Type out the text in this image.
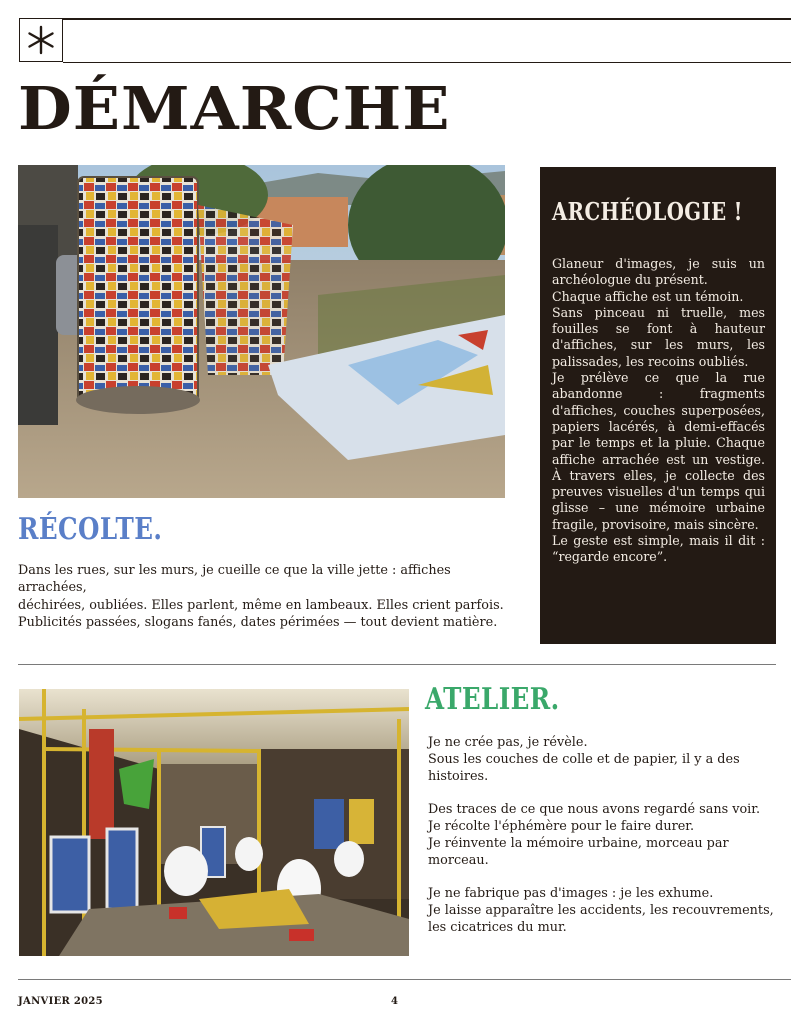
DÉMARCHE
ARCHÉOLOGIE !

Glaneur d'images, je suis un archéologue du présent.

Chaque affiche est un témoin.

Sans pinceau ni truelle, mes fouilles se font à hauteur d'affiches, sur les murs, les palissades, les recoins oubliés.

Je prélève ce que la rue abandonne : fragments d'affiches, couches superposées, papiers lacérés, à demi-effacés par le temps et la pluie. Chaque affiche arrachée est un vestige. À travers elles, je collecte des preuves visuelles d'un temps qui glisse – une mémoire urbaine fragile, provisoire, mais sincère.

Le geste est simple, mais il dit : “regarde encore”.

RÉCOLTE.

Dans les rues, sur les murs, je cueille ce que la ville jette : affiches arrachées,

déchirées, oubliées. Elles parlent, même en lambeaux. Elles crient parfois.

Publicités passées, slogans fanés, dates périmées — tout devient matière.

ATELIER.

Je ne crée pas, je révèle.

Sous les couches de colle et de papier, il y a des histoires.

Des traces de ce que nous avons regardé sans voir.

Je récolte l'éphémère pour le faire durer.

Je réinvente la mémoire urbaine, morceau par morceau.

Je ne fabrique pas d'images : je les exhume.

Je laisse apparaître les accidents, les recouvrements, les cicatrices du mur.

JANVIER 2025	4
